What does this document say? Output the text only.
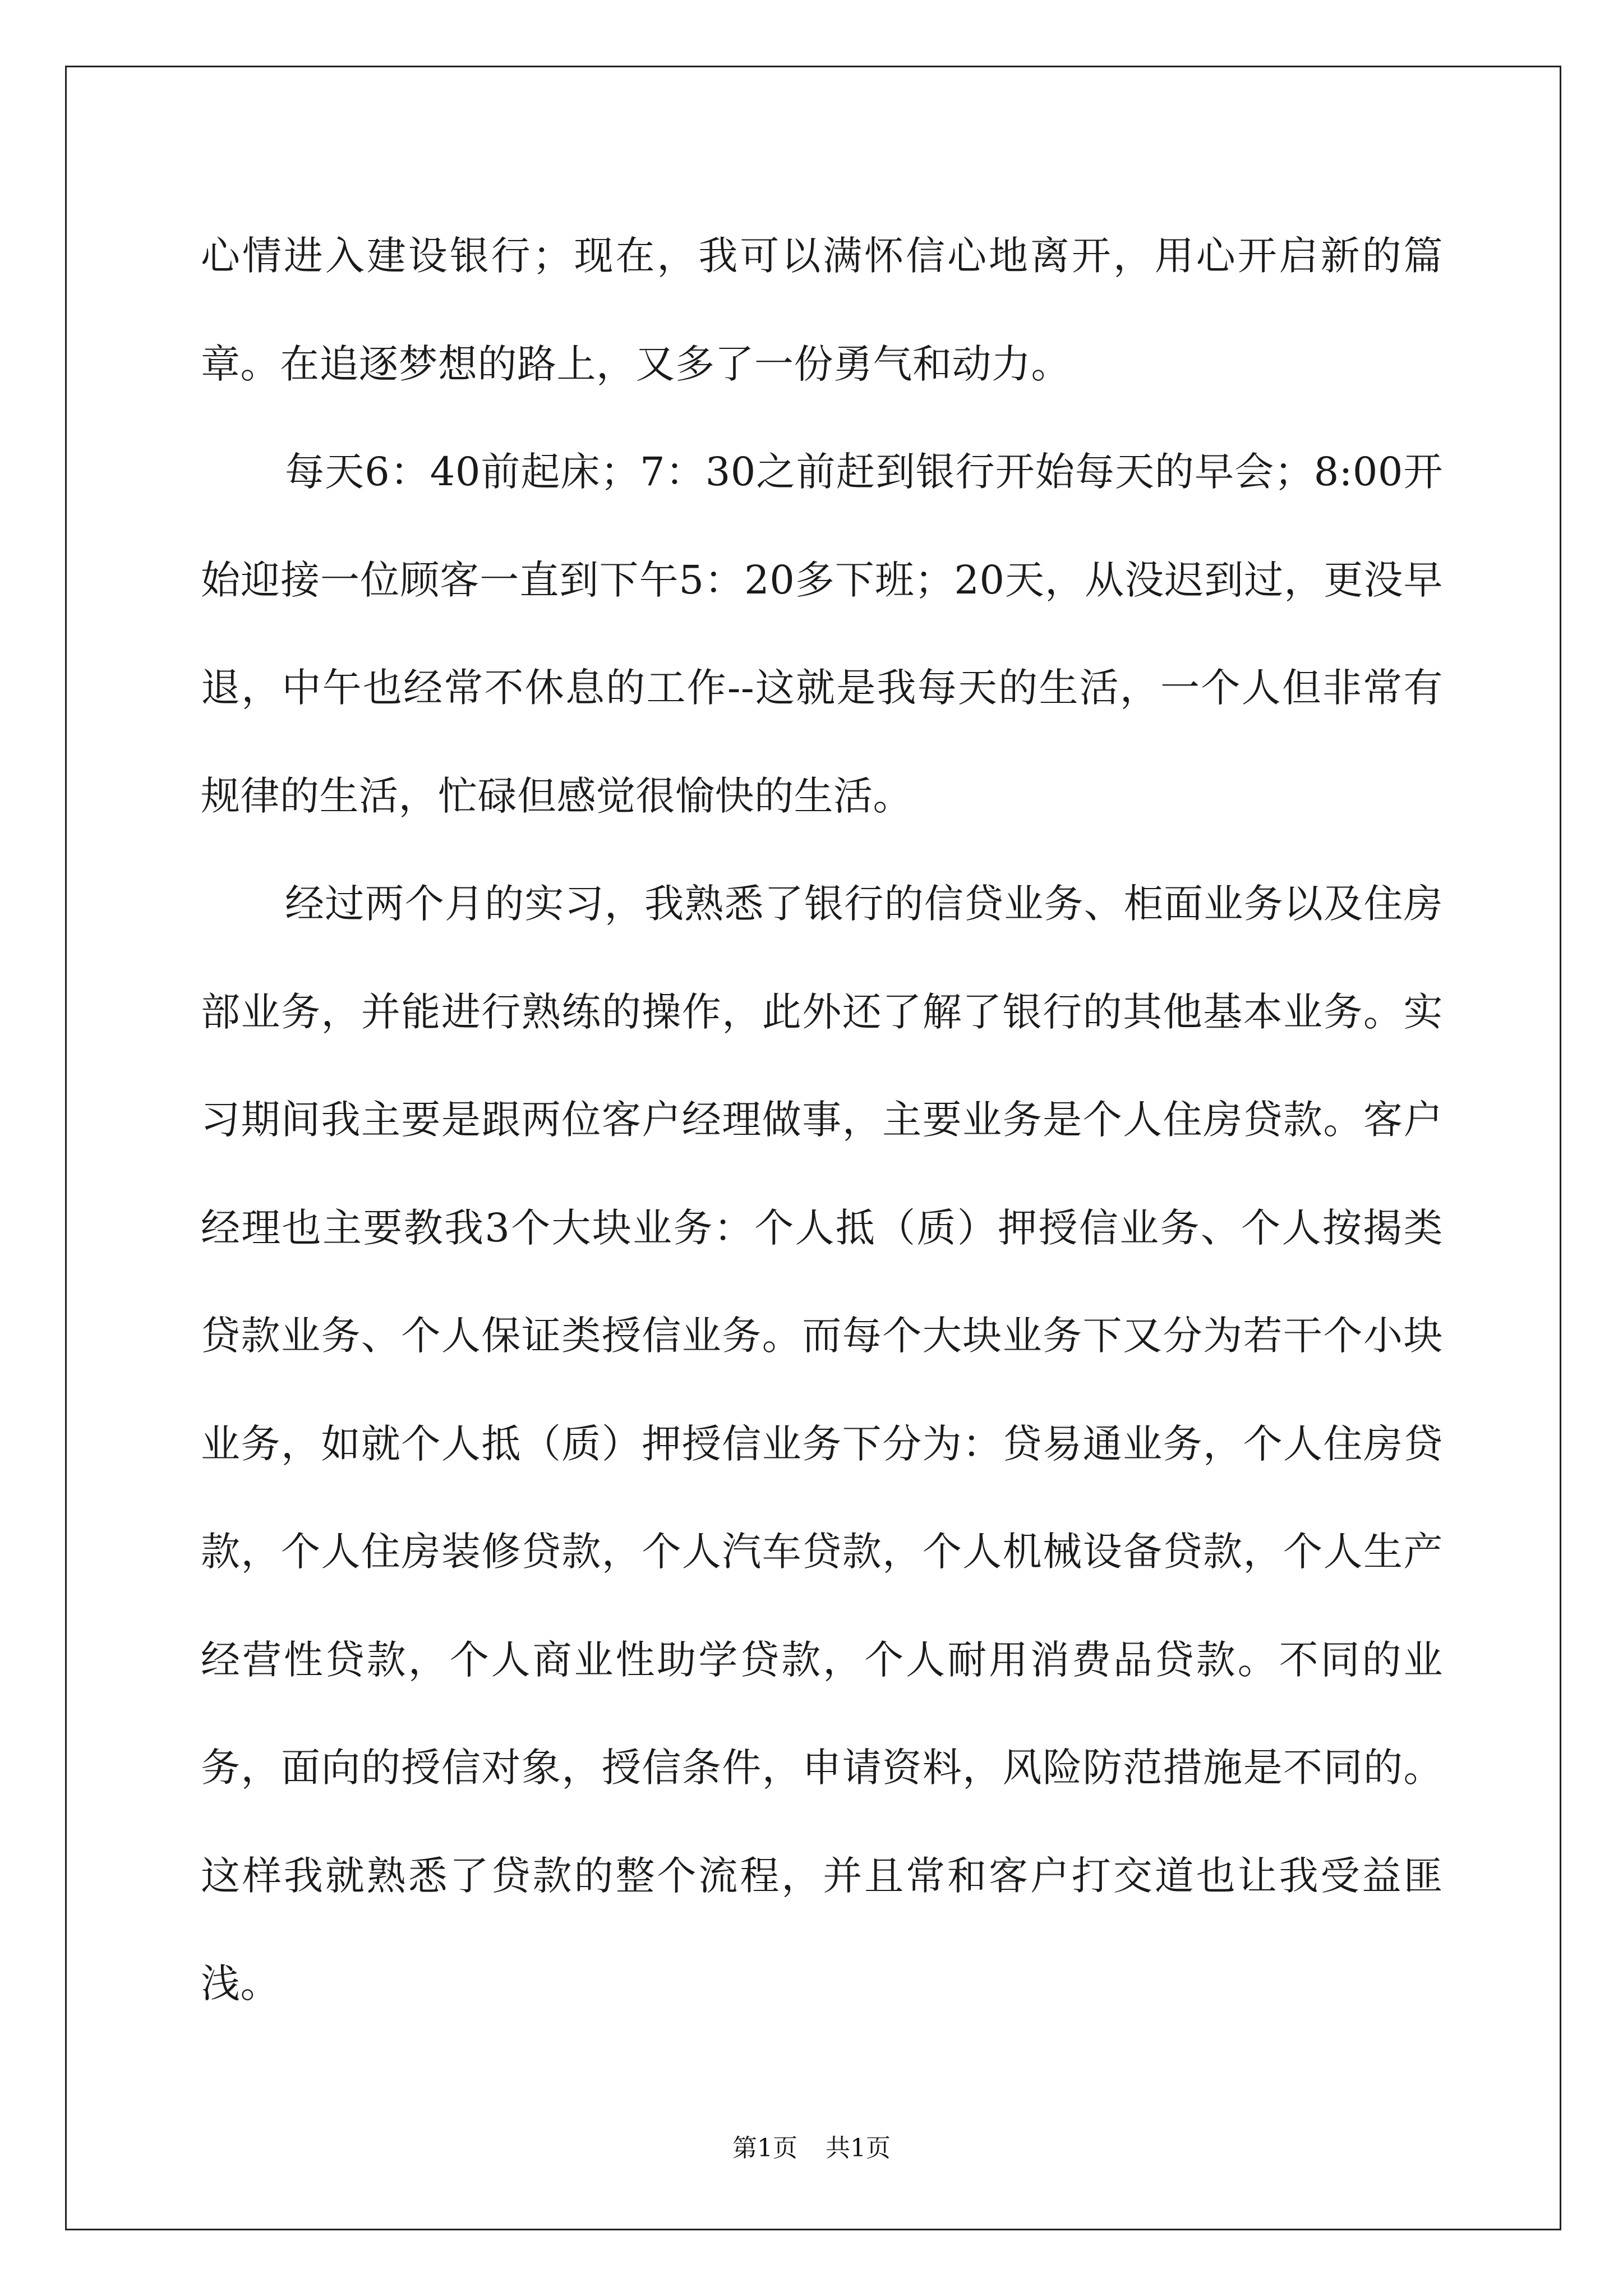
心情进入建设银行；现在，我可以满怀信心地离开，用心开启新的篇章。在追逐梦想的路上，又多了一份勇气和动力。

每天6：40前起床；7：30之前赶到银行开始每天的早会；8:00开始迎接一位顾客一直到下午5：20多下班；20天，从没迟到过，更没早退，中午也经常不休息的工作--这就是我每天的生活，一个人但非常有规律的生活，忙碌但感觉很愉快的生活。

经过两个月的实习，我熟悉了银行的信贷业务、柜面业务以及住房部业务，并能进行熟练的操作，此外还了解了银行的其他基本业务。实习期间我主要是跟两位客户经理做事，主要业务是个人住房贷款。客户经理也主要教我3个大块业务：个人抵（质）押授信业务、个人按揭类贷款业务、个人保证类授信业务。而每个大块业务下又分为若干个小块业务，如就个人抵（质）押授信业务下分为：贷易通业务，个人住房贷款，个人住房装修贷款，个人汽车贷款，个人机械设备贷款，个人生产经营性贷款，个人商业性助学贷款，个人耐用消费品贷款。不同的业务，面向的授信对象，授信条件，申请资料，风险防范措施是不同的。这样我就熟悉了贷款的整个流程，并且常和客户打交道也让我受益匪浅。

第1页 共1页
